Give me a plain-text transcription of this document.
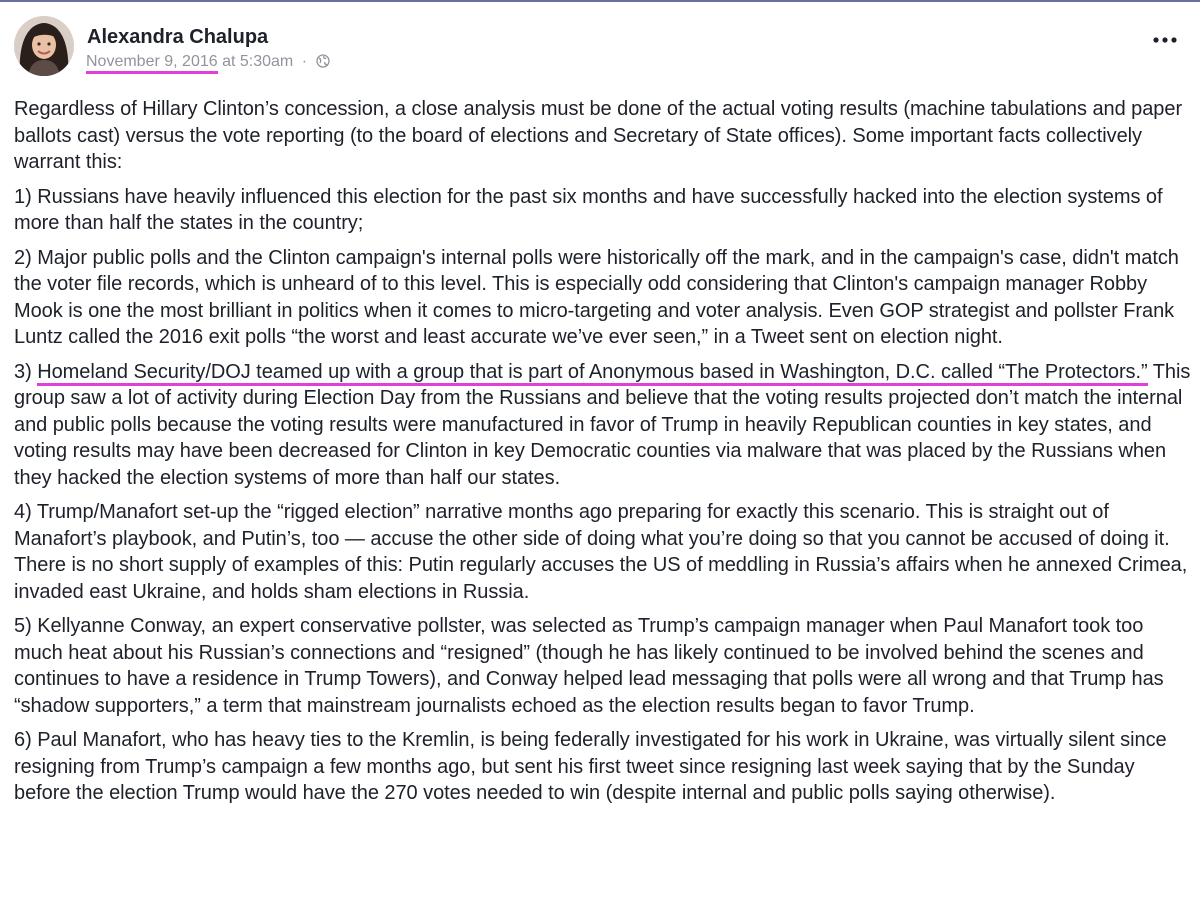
Alexandra Chalupa
November 9, 2016 at 5:30am ·

Regardless of Hillary Clinton’s concession, a close analysis must be done of the actual voting results (machine tabulations and paper ballots cast) versus the vote reporting (to the board of elections and Secretary of State offices). Some important facts collectively warrant this:

1) Russians have heavily influenced this election for the past six months and have successfully hacked into the election systems of more than half the states in the country;

2) Major public polls and the Clinton campaign's internal polls were historically off the mark, and in the campaign's case, didn't match the voter file records, which is unheard of to this level. This is especially odd considering that Clinton's campaign manager Robby Mook is one the most brilliant in politics when it comes to micro-targeting and voter analysis. Even GOP strategist and pollster Frank Luntz called the 2016 exit polls “the worst and least accurate we’ve ever seen,” in a Tweet sent on election night.

3) Homeland Security/DOJ teamed up with a group that is part of Anonymous based in Washington, D.C. called “The Protectors.” This group saw a lot of activity during Election Day from the Russians and believe that the voting results projected don’t match the internal and public polls because the voting results were manufactured in favor of Trump in heavily Republican counties in key states, and voting results may have been decreased for Clinton in key Democratic counties via malware that was placed by the Russians when they hacked the election systems of more than half our states.

4) Trump/Manafort set-up the “rigged election” narrative months ago preparing for exactly this scenario. This is straight out of Manafort’s playbook, and Putin’s, too — accuse the other side of doing what you’re doing so that you cannot be accused of doing it. There is no short supply of examples of this: Putin regularly accuses the US of meddling in Russia’s affairs when he annexed Crimea, invaded east Ukraine, and holds sham elections in Russia.

5) Kellyanne Conway, an expert conservative pollster, was selected as Trump’s campaign manager when Paul Manafort took too much heat about his Russian’s connections and “resigned” (though he has likely continued to be involved behind the scenes and continues to have a residence in Trump Towers), and Conway helped lead messaging that polls were all wrong and that Trump has “shadow supporters,” a term that mainstream journalists echoed as the election results began to favor Trump.

6) Paul Manafort, who has heavy ties to the Kremlin, is being federally investigated for his work in Ukraine, was virtually silent since resigning from Trump’s campaign a few months ago, but sent his first tweet since resigning last week saying that by the Sunday before the election Trump would have the 270 votes needed to win (despite internal and public polls saying otherwise).
